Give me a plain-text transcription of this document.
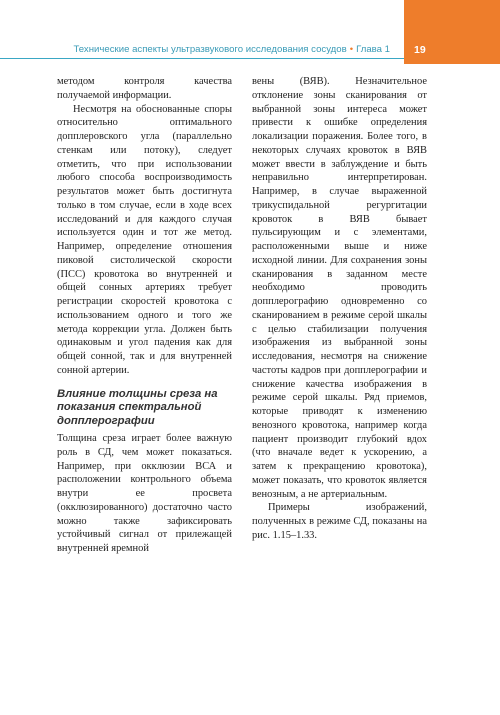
19
Технические аспекты ультразвукового исследования сосудов • Глава 1

методом контроля качества получаемой информации.

Несмотря на обоснованные споры относительно оптимального допплеровского угла (параллельно стенкам или потоку), следует отметить, что при использовании любого способа воспроизводимость результатов может быть достигнута только в том случае, если в ходе всех исследований и для каждого случая используется один и тот же метод. Например, определение отношения пиковой систолической скорости (ПСС) кровотока во внутренней и общей сонных артериях требует регистрации скоростей кровотока с использованием одного и того же метода коррекции угла. Должен быть одинаковым и угол падения как для общей сонной, так и для внутренней сонной артерии.

Влияние толщины среза на показания спектральной допплерографии

Толщина среза играет более важную роль в СД, чем может показаться. Например, при окклюзии ВСА и расположении контрольного объема внутри ее просвета (окклюзированного) достаточно часто можно также зафиксировать устойчивый сигнал от прилежащей внутренней яремной

вены (ВЯВ). Незначительное отклонение зоны сканирования от выбранной зоны интереса может привести к ошибке определения локализации поражения. Более того, в некоторых случаях кровоток в ВЯВ может ввести в заблуждение и быть неправильно интерпретирован. Например, в случае выраженной трикуспидальной регургитации кровоток в ВЯВ бывает пульсирующим и с элементами, расположенными выше и ниже исходной линии. Для сохранения зоны сканирования в заданном месте необходимо проводить допплерографию одновременно со сканированием в режиме серой шкалы с целью стабилизации получения изображения из выбранной зоны исследования, несмотря на снижение частоты кадров при допплерографии и снижение качества изображения в режиме серой шкалы. Ряд приемов, которые приводят к изменению венозного кровотока, например когда пациент производит глубокий вдох (что вначале ведет к ускорению, а затем к прекращению кровотока), может показать, что кровоток является венозным, а не артериальным.

Примеры изображений, полученных в режиме СД, показаны на рис. 1.15–1.33.
